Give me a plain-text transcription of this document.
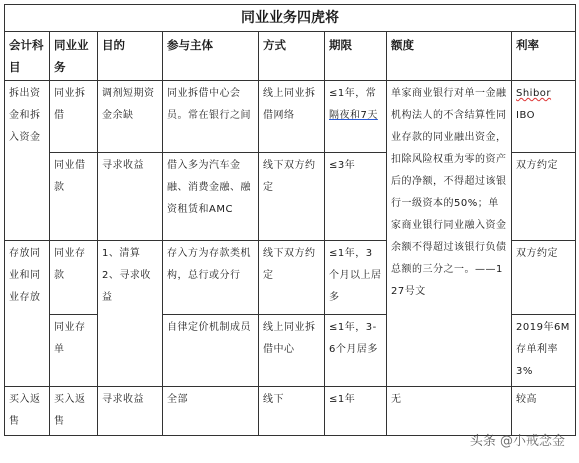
同业业务四虎将							
会计科目	同业业务	目的	参与主体	方式	期限	额度	利率
拆出资金和拆入资金	同业拆借	调剂短期资金余缺	同业拆借中心会员。常在银行之间	线上同业拆借网络	≤1年，常隔夜和7天	单家商业银行对单一金融机构法人的不含结算性同业存款的同业融出资金，扣除风险权重为零的资产后的净额，不得超过该银行一级资本的50%；单家商业银行同业融入资金余额不得超过该银行负债总额的三分之一。——127号文	Shibor
IBO
	同业借款	寻求收益	借入多为汽车金融、消费金融、融资租赁和AMC	线下双方约定	≤3年		双方约定
存放同业和同业存放	同业存款	1、清算 2、寻求收益	存入方为存款类机构，总行或分行	线下双方约定	≤1年，3个月以上居多		双方约定
	同业存单		自律定价机制成员	线上同业拆借中心	≤1年，3-6个月居多		2019年6M存单利率3%
买入返售	买入返售	寻求收益	全部	线下	≤1年	无	较高
头条 @小戒念金
